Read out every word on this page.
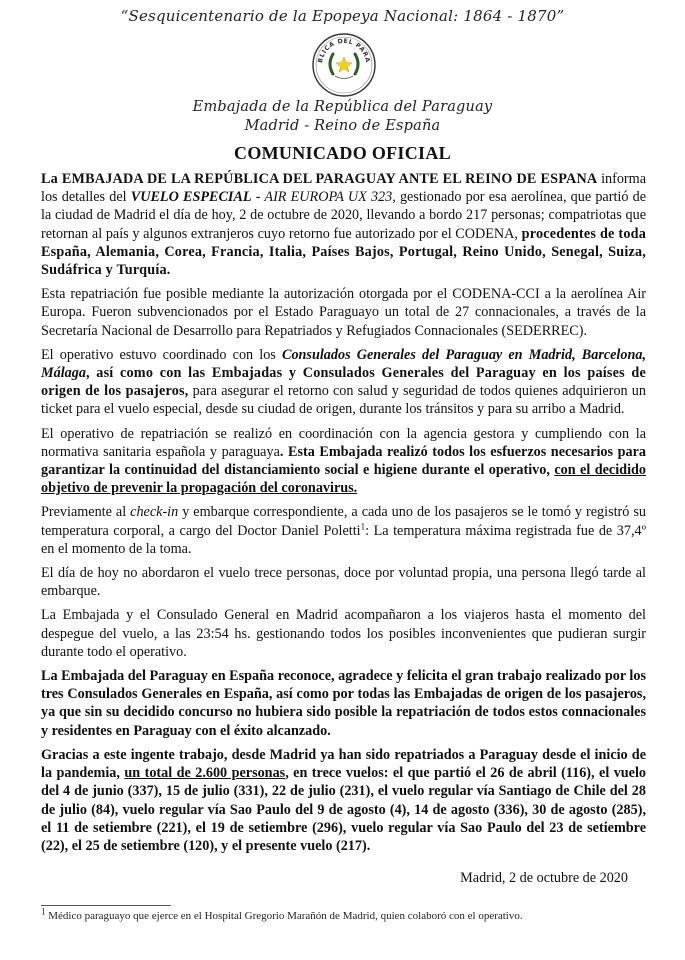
“Sesquicentenario de la Epopeya Nacional: 1864 - 1870”
BLICA DEL PARA
Embajada de la República del Paraguay
Madrid - Reino de España
COMUNICADO OFICIAL

La EMBAJADA DE LA REPÚBLICA DEL PARAGUAY ANTE EL REINO DE ESPANA informa los detalles del VUELO ESPECIAL - AIR EUROPA UX 323, gestionado por esa aerolínea, que partió de la ciudad de Madrid el día de hoy, 2 de octubre de 2020, llevando a bordo 217 personas; compatriotas que retornan al país y algunos extranjeros cuyo retorno fue autorizado por el CODENA, procedentes de toda España, Alemania, Corea, Francia, Italia, Países Bajos, Portugal, Reino Unido, Senegal, Suiza, Sudáfrica y Turquía.

Esta repatriación fue posible mediante la autorización otorgada por el CODENA-CCI a la aerolínea Air Europa. Fueron subvencionados por el Estado Paraguayo un total de 27 connacionales, a través de la Secretaría Nacional de Desarrollo para Repatriados y Refugiados Connacionales (SEDERREC).

El operativo estuvo coordinado con los Consulados Generales del Paraguay en Madrid, Barcelona, Málaga, así como con las Embajadas y Consulados Generales del Paraguay en los países de origen de los pasajeros, para asegurar el retorno con salud y seguridad de todos quienes adquirieron un ticket para el vuelo especial, desde su ciudad de origen, durante los tránsitos y para su arribo a Madrid.

El operativo de repatriación se realizó en coordinación con la agencia gestora y cumpliendo con la normativa sanitaria española y paraguaya. Esta Embajada realizó todos los esfuerzos necesarios para garantizar la continuidad del distanciamiento social e higiene durante el operativo, con el decidido objetivo de prevenir la propagación del coronavirus.

Previamente al check-in y embarque correspondiente, a cada uno de los pasajeros se le tomó y registró su temperatura corporal, a cargo del Doctor Daniel Poletti$^1$: La temperatura máxima registrada fue de 37,4º en el momento de la toma.

El día de hoy no abordaron el vuelo trece personas, doce por voluntad propia, una persona llegó tarde al embarque.

La Embajada y el Consulado General en Madrid acompañaron a los viajeros hasta el momento del despegue del vuelo, a las 23:54 hs. gestionando todos los posibles inconvenientes que pudieran surgir durante todo el operativo.

La Embajada del Paraguay en España reconoce, agradece y felicita el gran trabajo realizado por los tres Consulados Generales en España, así como por todas las Embajadas de origen de los pasajeros, ya que sin su decidido concurso no hubiera sido posible la repatriación de todos estos connacionales y residentes en Paraguay con el éxito alcanzado.

Gracias a este ingente trabajo, desde Madrid ya han sido repatriados a Paraguay desde el inicio de la pandemia, un total de 2.600 personas, en trece vuelos: el que partió el 26 de abril (116), el vuelo del 4 de junio (337), 15 de julio (331), 22 de julio (231), el vuelo regular vía Santiago de Chile del 28 de julio (84), vuelo regular vía Sao Paulo del 9 de agosto (4), 14 de agosto (336), 30 de agosto (285), el 11 de setiembre (221), el 19 de setiembre (296), vuelo regular vía Sao Paulo del 23 de setiembre (22), el 25 de setiembre (120), y el presente vuelo (217).

Madrid, 2 de octubre de 2020
$^1$ Médico paraguayo que ejerce en el Hospital Gregorio Marañón de Madrid, quien colaboró con el operativo.
